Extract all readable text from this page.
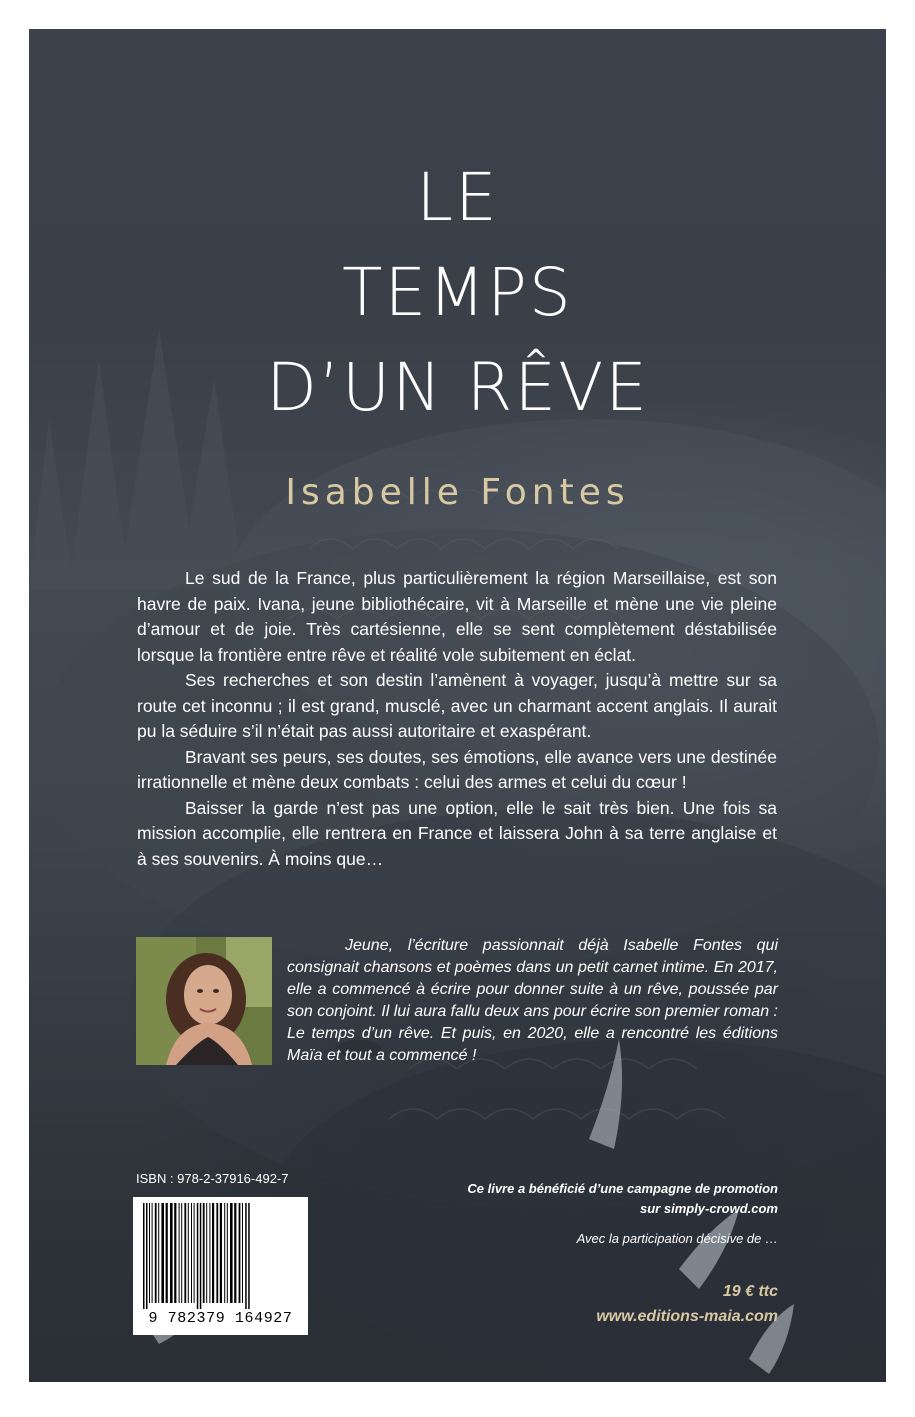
LE

TEMPS

D’UN RÊVE

Isabelle Fontes

Le sud de la France, plus particulièrement la région Marseillaise, est son havre de paix. Ivana, jeune bibliothécaire, vit à Marseille et mène une vie pleine d’amour et de joie. Très cartésienne, elle se sent complètement déstabilisée lorsque la frontière entre rêve et réalité vole subitement en éclat.

Ses recherches et son destin l’amènent à voyager, jusqu’à mettre sur sa route cet inconnu ; il est grand, musclé, avec un charmant accent anglais. Il aurait pu la séduire s’il n’était pas aussi autoritaire et exaspérant.

Bravant ses peurs, ses doutes, ses émotions, elle avance vers une destinée irrationnelle et mène deux combats : celui des armes et celui du cœur !

Baisser la garde n’est pas une option, elle le sait très bien. Une fois sa mission accomplie, elle rentrera en France et laissera John à sa terre anglaise et à ses souvenirs. À moins que…

Jeune, l’écriture passionnait déjà Isabelle Fontes qui consignait chansons et poèmes dans un petit carnet intime. En 2017, elle a commencé à écrire pour donner suite à un rêve, poussée par son conjoint. Il lui aura fallu deux ans pour écrire son premier roman : Le temps d’un rêve. Et puis, en 2020, elle a rencontré les éditions Maïa et tout a commencé !

ISBN : 978-2-37916-492-7

9 782379 164927

Ce livre a bénéficié d’une campagne de promotion
sur simply-crowd.com

Avec la participation décisive de …

19 € ttc

www.editions-maia.com
